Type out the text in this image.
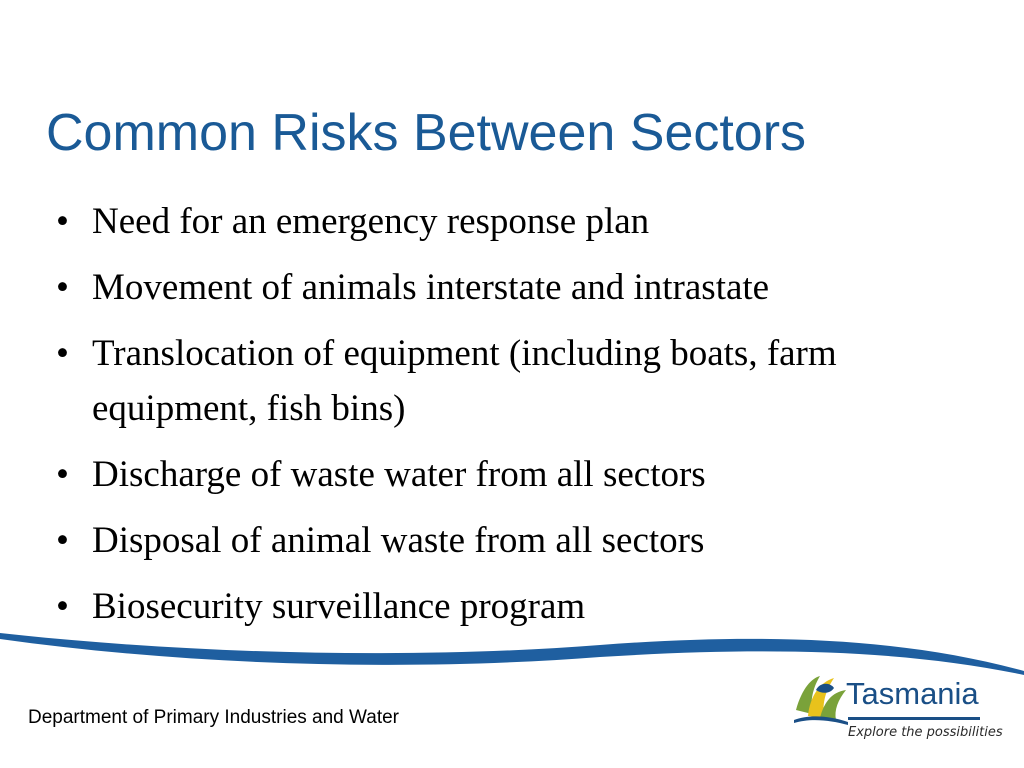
Common Risks Between Sectors
• Need for an emergency response plan
• Movement of animals interstate and intrastate
• Translocation of equipment (including boats, farm equipment, fish bins)
• Discharge of waste water from all sectors
• Disposal of animal waste from all sectors
• Biosecurity surveillance program
Department of Primary Industries and Water
Tasmania
Explore the possibilities
